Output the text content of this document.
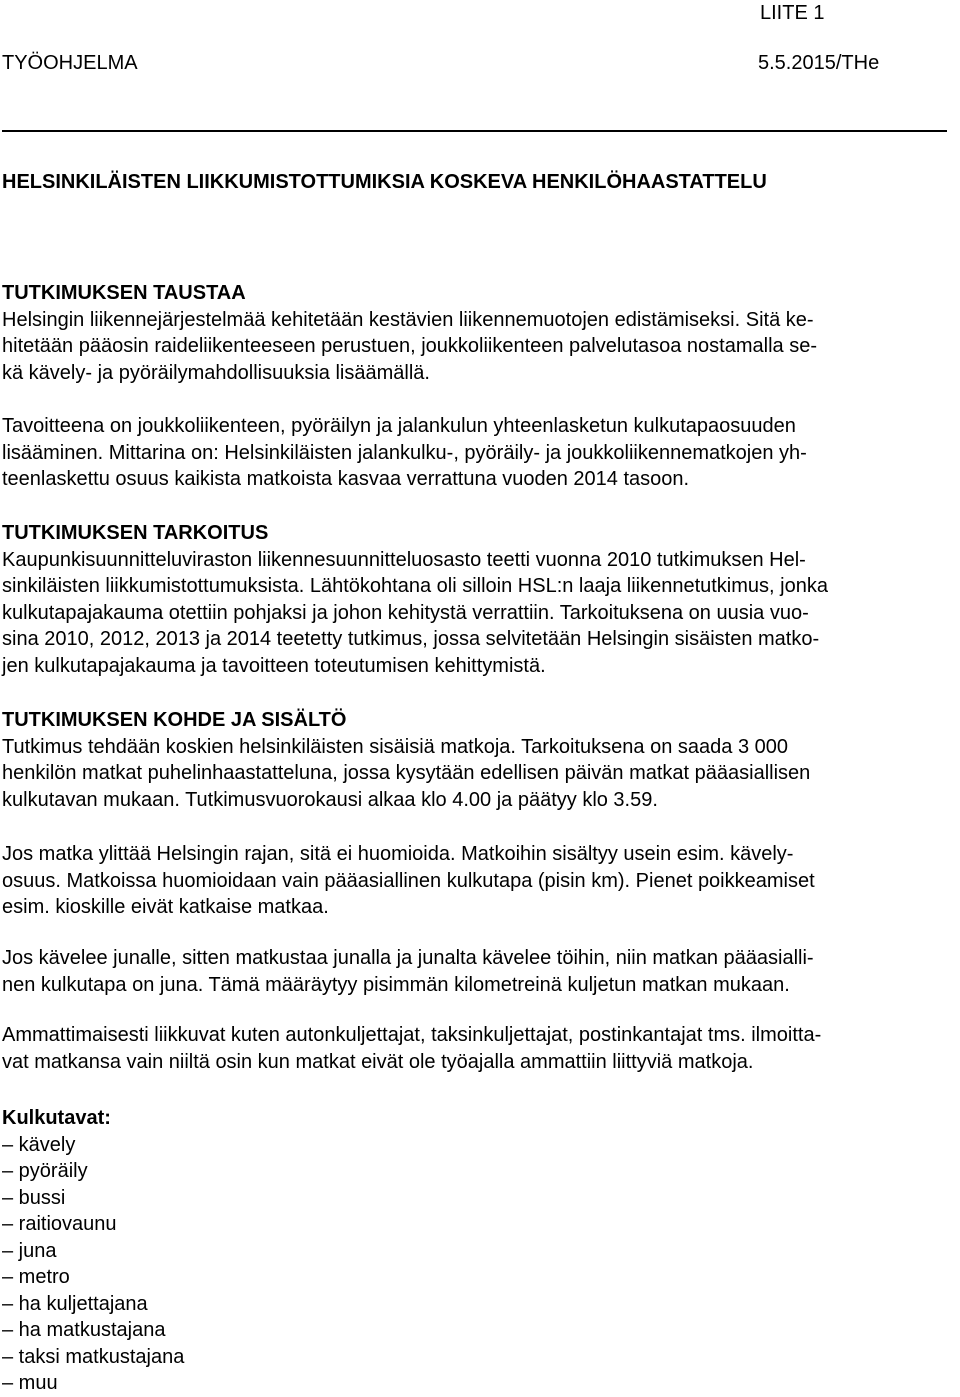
LIITE 1
TYÖOHJELMA	5.5.2015/THe
HELSINKILÄISTEN LIIKKUMISTOTTUMIKSIA KOSKEVA HENKILÖHAASTATTELU
TUTKIMUKSEN TAUSTAA
Helsingin liikennejärjestelmää kehitetään kestävien liikennemuotojen edistämiseksi. Sitä ke-
hitetään pääosin raideliikenteeseen perustuen, joukkoliikenteen palvelutasoa nostamalla se-
kä kävely- ja pyöräilymahdollisuuksia lisäämällä.
Tavoitteena on joukkoliikenteen, pyöräilyn ja jalankulun yhteenlasketun kulkutapaosuuden
lisääminen. Mittarina on: Helsinkiläisten jalankulku-, pyöräily- ja joukkoliikennematkojen yh-
teenlaskettu osuus kaikista matkoista kasvaa verrattuna vuoden 2014 tasoon.
TUTKIMUKSEN TARKOITUS
Kaupunkisuunnitteluviraston liikennesuunnitteluosasto teetti vuonna 2010 tutkimuksen Hel-
sinkiläisten liikkumistottumuksista. Lähtökohtana oli silloin HSL:n laaja liikennetutkimus, jonka
kulkutapajakauma otettiin pohjaksi ja johon kehitystä verrattiin. Tarkoituksena on uusia vuo-
sina 2010, 2012, 2013 ja 2014 teetetty tutkimus, jossa selvitetään Helsingin sisäisten matko-
jen kulkutapajakauma ja tavoitteen toteutumisen kehittymistä.
TUTKIMUKSEN KOHDE JA SISÄLTÖ
Tutkimus tehdään koskien helsinkiläisten sisäisiä matkoja. Tarkoituksena on saada 3 000
henkilön matkat puhelinhaastatteluna, jossa kysytään edellisen päivän matkat pääasiallisen
kulkutavan mukaan. Tutkimusvuorokausi alkaa klo 4.00 ja päätyy klo 3.59.
Jos matka ylittää Helsingin rajan, sitä ei huomioida. Matkoihin sisältyy usein esim. kävely-
osuus. Matkoissa huomioidaan vain pääasiallinen kulkutapa (pisin km). Pienet poikkeamiset
esim. kioskille eivät katkaise matkaa.
Jos kävelee junalle, sitten matkustaa junalla ja junalta kävelee töihin, niin matkan pääasialli-
nen kulkutapa on juna. Tämä määräytyy pisimmän kilometreinä kuljetun matkan mukaan.
Ammattimaisesti liikkuvat kuten autonkuljettajat, taksinkuljettajat, postinkantajat tms. ilmoitta-
vat matkansa vain niiltä osin kun matkat eivät ole työajalla ammattiin liittyviä matkoja.
Kulkutavat:
– kävely
– pyöräily
– bussi
– raitiovaunu
– juna
– metro
– ha kuljettajana
– ha matkustajana
– taksi matkustajana
– muu
